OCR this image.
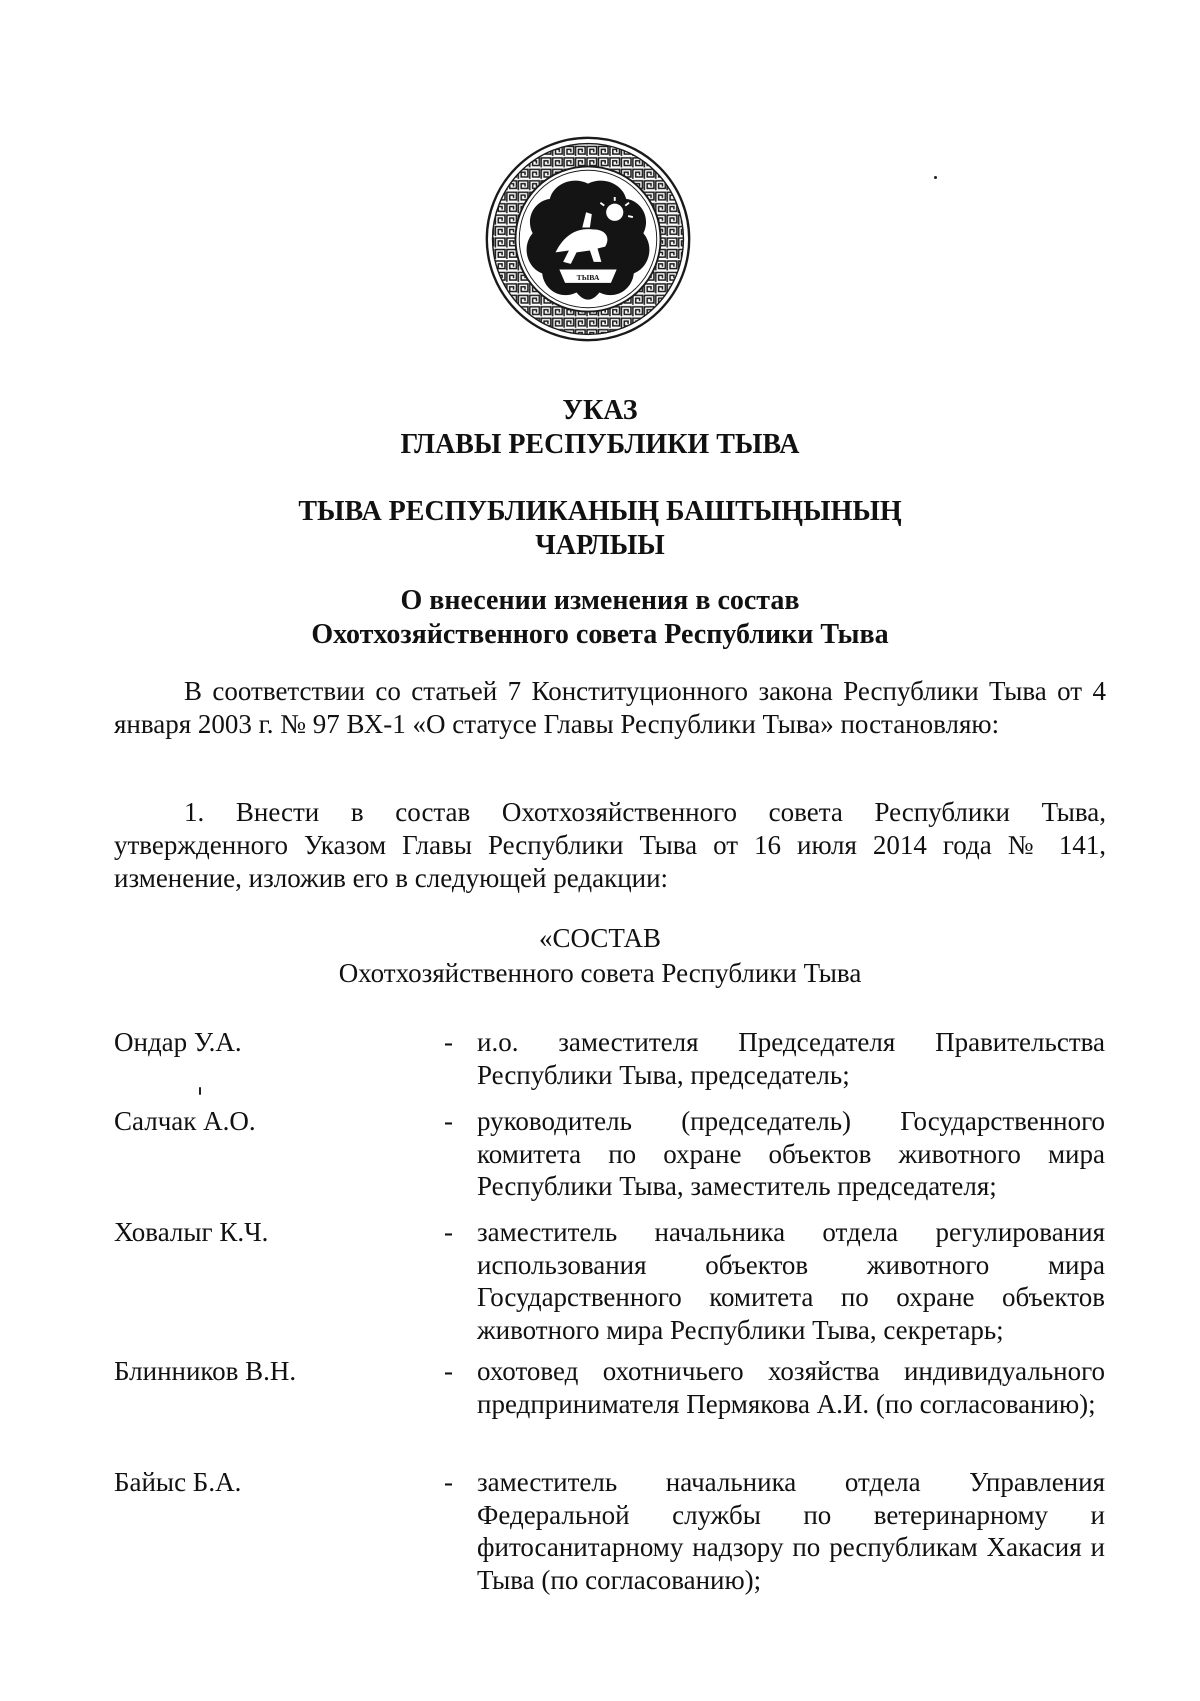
ТЫВА

УКАЗ

ГЛАВЫ РЕСПУБЛИКИ ТЫВА

ТЫВА РЕСПУБЛИКАНЫҢ БАШТЫҢЫНЫҢ

ЧАРЛЫЫ

О внесении изменения в состав

Охотхозяйственного совета Республики Тыва

В соответствии со статьей 7 Конституционного закона Республики Тыва от 4 января 2003 г. № 97 ВХ-1 «О статусе Главы Республики Тыва» постановляю:

1. Внести в состав Охотхозяйственного совета Республики Тыва, утвержденного Указом Главы Республики Тыва от 16 июля 2014 года № 141, изменение, изложив его в следующей редакции:

«СОСТАВ

Охотхозяйственного совета Республики Тыва

Ондар У.А.	- и.о. заместителя Председателя Правительства Республики Тыва, председатель;
Салчак А.О.	- руководитель (председатель) Государственного комитета по охране объектов животного мира Республики Тыва, заместитель председателя;
Ховалыг К.Ч.	- заместитель начальника отдела регулирования использования объектов животного мира Государственного комитета по охране объектов животного мира Республики Тыва, секретарь;
Блинников В.Н.	- охотовед охотничьего хозяйства индивидуального предпринимателя Пермякова А.И. (по согласованию);
Байыс Б.А.	- заместитель начальника отдела Управления Федеральной службы по ветеринарному и фитосанитарному надзору по республикам Хакасия и Тыва (по согласованию);
